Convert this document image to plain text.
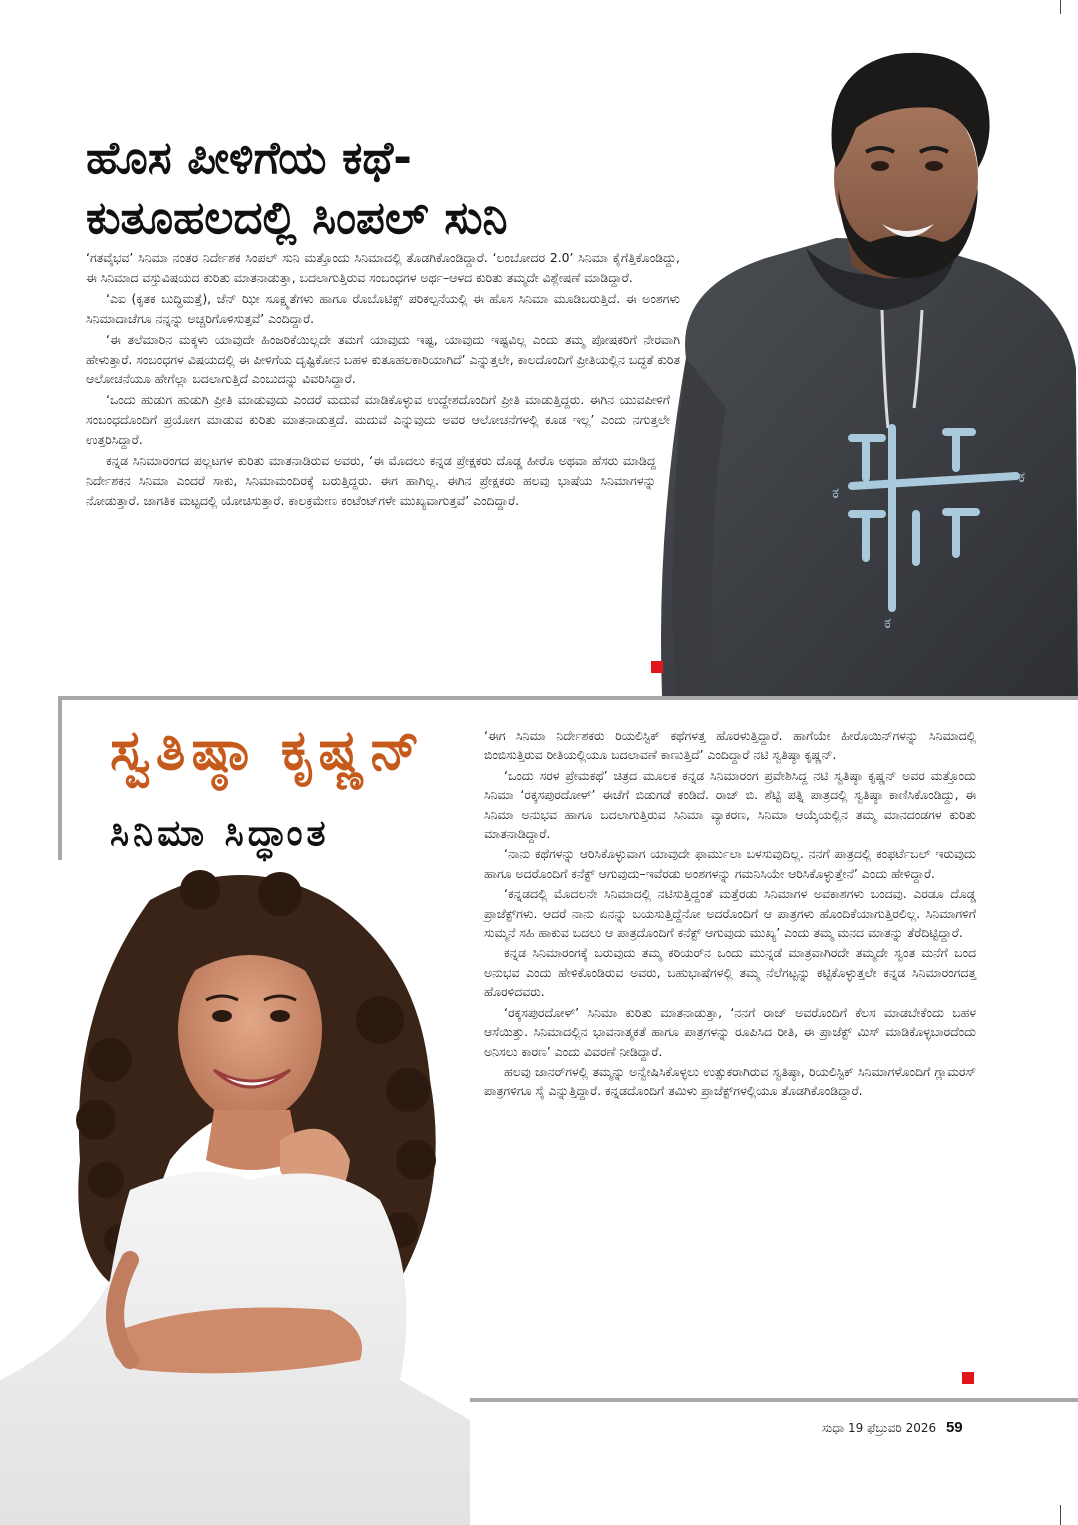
ಕ
ಕ
ಕ
ಹೊಸ ಪೀಳಿಗೆಯ ಕಥೆ-
ಕುತೂಹಲದಲ್ಲಿ ಸಿಂಪಲ್ ಸುನಿ

‘ಗತವೈಭವ’ ಸಿನಿಮಾ ನಂತರ ನಿರ್ದೇಶಕ ಸಿಂಪಲ್ ಸುನಿ ಮತ್ತೊಂದು ಸಿನಿಮಾದಲ್ಲಿ ತೊಡಗಿಕೊಂಡಿದ್ದಾರೆ. ‘ಲಂಬೋದರ 2.0’ ಸಿನಿಮಾ ಕೈಗೆತ್ತಿಕೊಂಡಿದ್ದು, ಈ ಸಿನಿಮಾದ ವಸ್ತುವಿಷಯದ ಕುರಿತು ಮಾತನಾಡುತ್ತಾ, ಬದಲಾಗುತ್ತಿರುವ ಸಂಬಂಧಗಳ ಅರ್ಥ–ಆಳದ ಕುರಿತು ತಮ್ಮದೇ ವಿಶ್ಲೇಷಣೆ ಮಾಡಿದ್ದಾರೆ.

‘ಎಐ (ಕೃತಕ ಬುದ್ಧಿಮತ್ತೆ), ಜೆನ್ ಝೀ ಸೂಕ್ಷ್ಮತೆಗಳು ಹಾಗೂ ರೊಬೊಟಿಕ್ಸ್ ಪರಿಕಲ್ಪನೆಯಲ್ಲಿ ಈ ಹೊಸ ಸಿನಿಮಾ ಮೂಡಿಬರುತ್ತಿದೆ. ಈ ಅಂಶಗಳು ಸಿನಿಮಾದಾಚೆಗೂ ನನ್ನನ್ನು ಅಚ್ಚರಿಗೊಳಿಸುತ್ತವೆ’ ಎಂದಿದ್ದಾರೆ.

‘ಈ ತಲೆಮಾರಿನ ಮಕ್ಕಳು ಯಾವುದೇ ಹಿಂಜರಿಕೆಯಿಲ್ಲದೇ ತಮಗೆ ಯಾವುದು ಇಷ್ಟ, ಯಾವುದು ಇಷ್ಟವಿಲ್ಲ ಎಂದು ತಮ್ಮ ಪೋಷಕರಿಗೆ ನೇರವಾಗಿ ಹೇಳುತ್ತಾರೆ. ಸಂಬಂಧಗಳ ವಿಷಯದಲ್ಲಿ ಈ ಪೀಳಿಗೆಯ ದೃಷ್ಟಿಕೋನ ಬಹಳ ಕುತೂಹಲಕಾರಿಯಾಗಿದೆ’ ಎನ್ನುತ್ತಲೇ, ಕಾಲದೊಂದಿಗೆ ಪ್ರೀತಿಯಲ್ಲಿನ ಬದ್ಧತೆ ಕುರಿತ ಆಲೋಚನೆಯೂ ಹೇಗೆಲ್ಲಾ ಬದಲಾಗುತ್ತಿದೆ ಎಂಬುದನ್ನು ವಿವರಿಸಿದ್ದಾರೆ.

‘ಒಂದು ಹುಡುಗ ಹುಡುಗಿ ಪ್ರೀತಿ ಮಾಡುವುದು ಎಂದರೆ ಮದುವೆ ಮಾಡಿಕೊಳ್ಳುವ ಉದ್ದೇಶದೊಂದಿಗೆ ಪ್ರೀತಿ ಮಾಡುತ್ತಿದ್ದರು. ಈಗಿನ ಯುವಪೀಳಿಗೆ ಸಂಬಂಧದೊಂದಿಗೆ ಪ್ರಯೋಗ ಮಾಡುವ ಕುರಿತು ಮಾತನಾಡುತ್ತದೆ. ಮದುವೆ ಎನ್ನುವುದು ಅವರ ಆಲೋಚನೆಗಳಲ್ಲಿ ಕೂಡ ಇಲ್ಲ’ ಎಂದು ನಗುತ್ತಲೇ ಉತ್ತರಿಸಿದ್ದಾರೆ.

ಕನ್ನಡ ಸಿನಿಮಾರಂಗದ ಪಲ್ಲಟಗಳ ಕುರಿತು ಮಾತನಾಡಿರುವ ಅವರು, ‘ಈ ಮೊದಲು ಕನ್ನಡ ಪ್ರೇಕ್ಷಕರು ದೊಡ್ಡ ಹೀರೊ ಅಥವಾ ಹೆಸರು ಮಾಡಿದ್ದ ನಿರ್ದೇಶಕನ ಸಿನಿಮಾ ಎಂದರೆ ಸಾಕು, ಸಿನಿಮಾಮಂದಿರಕ್ಕೆ ಬರುತ್ತಿದ್ದರು. ಈಗ ಹಾಗಿಲ್ಲ. ಈಗಿನ ಪ್ರೇಕ್ಷಕರು ಹಲವು ಭಾಷೆಯ ಸಿನಿಮಾಗಳನ್ನು ನೋಡುತ್ತಾರೆ. ಜಾಗತಿಕ ಮಟ್ಟದಲ್ಲಿ ಯೋಚಿಸುತ್ತಾರೆ. ಕಾಲಕ್ರಮೇಣ ಕಂಟೆಂಟ್‌ಗಳೇ ಮುಖ್ಯವಾಗುತ್ತವೆ’ ಎಂದಿದ್ದಾರೆ.

ಸ್ವತಿಷ್ಠಾ ಕೃಷ್ಣನ್
ಸಿನಿಮಾ ಸಿದ್ಧಾಂತ

‘ಈಗ ಸಿನಿಮಾ ನಿರ್ದೇಶಕರು ರಿಯಲಿಸ್ಟಿಕ್ ಕಥೆಗಳತ್ತ ಹೊರಳುತ್ತಿದ್ದಾರೆ. ಹಾಗೆಯೇ ಹೀರೊಯಿನ್‌ಗಳನ್ನು ಸಿನಿಮಾದಲ್ಲಿ ಬಿಂಬಿಸುತ್ತಿರುವ ರೀತಿಯಲ್ಲಿಯೂ ಬದಲಾವಣೆ ಕಾಣುತ್ತಿದೆ’ ಎಂದಿದ್ದಾರೆ ನಟಿ ಸ್ವತಿಷ್ಠಾ ಕೃಷ್ಣನ್.

‘ಒಂದು ಸರಳ ಪ್ರೇಮಕಥೆ’ ಚಿತ್ರದ ಮೂಲಕ ಕನ್ನಡ ಸಿನಿಮಾರಂಗ ಪ್ರವೇಶಿಸಿದ್ದ ನಟಿ ಸ್ವತಿಷ್ಠಾ ಕೃಷ್ಣನ್ ಅವರ ಮತ್ತೊಂದು ಸಿನಿಮಾ ‘ರಕ್ಕಸಪುರದೋಳ್’ ಈಚೆಗೆ ಬಿಡುಗಡೆ ಕಂಡಿದೆ. ರಾಜ್ ಬಿ. ಶೆಟ್ಟಿ ಪತ್ನಿ ಪಾತ್ರದಲ್ಲಿ ಸ್ವತಿಷ್ಠಾ ಕಾಣಿಸಿಕೊಂಡಿದ್ದು, ಈ ಸಿನಿಮಾ ಅನುಭವ ಹಾಗೂ ಬದಲಾಗುತ್ತಿರುವ ಸಿನಿಮಾ ವ್ಯಾಕರಣ, ಸಿನಿಮಾ ಆಯ್ಕೆಯಲ್ಲಿನ ತಮ್ಮ ಮಾನದಂಡಗಳ ಕುರಿತು ಮಾತನಾಡಿದ್ದಾರೆ.

‘ನಾನು ಕಥೆಗಳನ್ನು ಆರಿಸಿಕೊಳ್ಳುವಾಗ ಯಾವುದೇ ಫಾರ್ಮುಲಾ ಬಳಸುವುದಿಲ್ಲ. ನನಗೆ ಪಾತ್ರದಲ್ಲಿ ಕಂಫರ್ಟೆಬಲ್ ಇರುವುದು ಹಾಗೂ ಅದರೊಂದಿಗೆ ಕನೆಕ್ಟ್ ಆಗುವುದು–ಇವೆರಡು ಅಂಶಗಳನ್ನು ಗಮನಿಸಿಯೇ ಆರಿಸಿಕೊಳ್ಳುತ್ತೇನೆ’ ಎಂದು ಹೇಳಿದ್ದಾರೆ.

‘ಕನ್ನಡದಲ್ಲಿ ಮೊದಲನೇ ಸಿನಿಮಾದಲ್ಲಿ ನಟಿಸುತ್ತಿದ್ದಂತೆ ಮತ್ತೆರಡು ಸಿನಿಮಾಗಳ ಅವಕಾಶಗಳು ಬಂದವು. ಎರಡೂ ದೊಡ್ಡ ಪ್ರಾಜೆಕ್ಟ್‌ಗಳು. ಆದರೆ ನಾನು ಏನನ್ನು ಬಯಸುತ್ತಿದ್ದೆನೋ ಅದರೊಂದಿಗೆ ಆ ಪಾತ್ರಗಳು ಹೊಂದಿಕೆಯಾಗುತ್ತಿರಲಿಲ್ಲ. ಸಿನಿಮಾಗಳಿಗೆ ಸುಮ್ಮನೆ ಸಹಿ ಹಾಕುವ ಬದಲು ಆ ಪಾತ್ರದೊಂದಿಗೆ ಕನೆಕ್ಟ್ ಆಗುವುದು ಮುಖ್ಯ’ ಎಂದು ತಮ್ಮ ಮನದ ಮಾತನ್ನು ತೆರೆದಿಟ್ಟಿದ್ದಾರೆ.

ಕನ್ನಡ ಸಿನಿಮಾರಂಗಕ್ಕೆ ಬರುವುದು ತಮ್ಮ ಕರಿಯರ್‌ನ ಒಂದು ಮುನ್ನಡೆ ಮಾತ್ರವಾಗಿರದೇ ತಮ್ಮದೇ ಸ್ವಂತ ಮನೆಗೆ ಬಂದ ಅನುಭವ ಎಂದು ಹೇಳಿಕೊಂಡಿರುವ ಅವರು, ಬಹುಭಾಷೆಗಳಲ್ಲಿ ತಮ್ಮ ನೆಲೆಗಟ್ಟನ್ನು ಕಟ್ಟಿಕೊಳ್ಳುತ್ತಲೇ ಕನ್ನಡ ಸಿನಿಮಾರಂಗದತ್ತ ಹೊರಳಿದವರು.

‘ರಕ್ಕಸಪುರದೋಳ್’ ಸಿನಿಮಾ ಕುರಿತು ಮಾತನಾಡುತ್ತಾ, ‘ನನಗೆ ರಾಜ್ ಅವರೊಂದಿಗೆ ಕೆಲಸ ಮಾಡಬೇಕೆಂದು ಬಹಳ ಆಸೆಯಿತ್ತು. ಸಿನಿಮಾದಲ್ಲಿನ ಭಾವನಾತ್ಮಕತೆ ಹಾಗೂ ಪಾತ್ರಗಳನ್ನು ರೂಪಿಸಿದ ರೀತಿ, ಈ ಪ್ರಾಜೆಕ್ಟ್ ಮಿಸ್ ಮಾಡಿಕೊಳ್ಳಬಾರದೆಂದು ಅನಿಸಲು ಕಾರಣ’ ಎಂದು ವಿವರಣೆ ನೀಡಿದ್ದಾರೆ.

ಹಲವು ಜಾನರ್‌ಗಳಲ್ಲಿ ತಮ್ಮನ್ನು ಅನ್ವೇಷಿಸಿಕೊಳ್ಳಲು ಉತ್ಸುಕರಾಗಿರುವ ಸ್ವತಿಷ್ಠಾ, ರಿಯಲಿಸ್ಟಿಕ್ ಸಿನಿಮಾಗಳೊಂದಿಗೆ ಗ್ಲಾಮರಸ್ ಪಾತ್ರಗಳಿಗೂ ಸೈ ಎನ್ನುತ್ತಿದ್ದಾರೆ. ಕನ್ನಡದೊಂದಿಗೆ ತಮಿಳು ಪ್ರಾಜೆಕ್ಟ್‌ಗಳಲ್ಲಿಯೂ ತೊಡಗಿಕೊಂಡಿದ್ದಾರೆ.

ಸುಧಾ 19 ಫೆಬ್ರುವರಿ 2026 59
